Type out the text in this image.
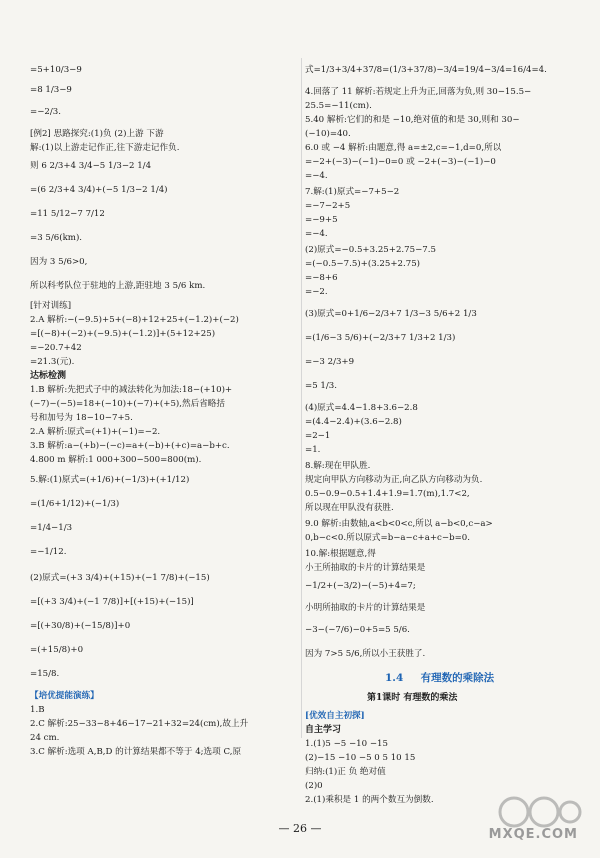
=5+10/3−9
=8 1/3−9
=−2/3.
[例2] 思路探究:(1)负 (2)上游 下游
解:(1)以上游走记作正,往下游走记作负.
则 6 2/3+4 3/4−5 1/3−2 1/4
=(6 2/3+4 3/4)+(−5 1/3−2 1/4)
=11 5/12−7 7/12
=3 5/6(km).
因为 3 5/6>0,
所以科考队位于驻地的上游,距驻地 3 5/6 km.
[针对训练]
2.A 解析:−(−9.5)+5+(−8)+12+25+(−1.2)+(−2)
=[(−8)+(−2)+(−9.5)+(−1.2)]+(5+12+25)
=−20.7+42
=21.3(元).
达标检测
1.B 解析:先把式子中的减法转化为加法:18−(+10)+
(−7)−(−5)=18+(−10)+(−7)+(+5),然后省略括
号和加号为 18−10−7+5.
2.A 解析:原式=(+1)+(−1)=−2.
3.B 解析:a−(+b)−(−c)=a+(−b)+(+c)=a−b+c.
4.800 m 解析:1 000+300−500=800(m).
5.解:(1)原式=(+1/6)+(−1/3)+(+1/12)
=(1/6+1/12)+(−1/3)
=1/4−1/3
=−1/12.
(2)原式=(+3 3/4)+(+15)+(−1 7/8)+(−15)
=[(+3 3/4)+(−1 7/8)]+[(+15)+(−15)]
=[(+30/8)+(−15/8)]+0
=(+15/8)+0
=15/8.
【培优提能演练】
1.B
2.C 解析:25−33−8+46−17−21+32=24(cm),故上升
24 cm.
3.C 解析:选项 A,B,D 的计算结果都不等于 4;选项 C,原
式=1/3+3/4+37/8=(1/3+37/8)−3/4=19/4−3/4=16/4=4.
4.回落了 11 解析:若规定上升为正,回落为负,则 30−15.5−
25.5=−11(cm).
5.40 解析:它们的和是 −10,绝对值的和是 30,则和 30−
(−10)=40.
6.0 或 −4 解析:由题意,得 a=±2,c=−1,d=0,所以
=−2+(−3)−(−1)−0=0 或 −2+(−3)−(−1)−0
=−4.
7.解:(1)原式=−7+5−2
=−7−2+5
=−9+5
=−4.
(2)原式=−0.5+3.25+2.75−7.5
=(−0.5−7.5)+(3.25+2.75)
=−8+6
=−2.
(3)原式=0+1/6−2/3+7 1/3−3 5/6+2 1/3
=(1/6−3 5/6)+(−2/3+7 1/3+2 1/3)
=−3 2/3+9
=5 1/3.
(4)原式=4.4−1.8+3.6−2.8
=(4.4−2.4)+(3.6−2.8)
=2−1
=1.
8.解:现在甲队胜.
规定向甲队方向移动为正,向乙队方向移动为负.
0.5−0.9−0.5+1.4+1.9=1.7(m),1.7<2,
所以现在甲队没有获胜.
9.0 解析:由数轴,a<b<0<c,所以 a−b<0,c−a>
0,b−c<0.所以原式=b−a−c+a+c−b=0.
10.解:根据题意,得
小王所抽取的卡片的计算结果是
−1/2+(−3/2)−(−5)+4=7;
小明所抽取的卡片的计算结果是
−3−(−7/6)−0+5=5 5/6.
因为 7>5 5/6,所以小王获胜了.
1.4 有理数的乘除法
第1课时 有理数的乘法
[优效自主初探]
自主学习
1.(1)5 −5 −10 −15
(2)−15 −10 −5 0 5 10 15
归纳:(1)正 负 绝对值
(2)0
2.(1)乘积是 1 的两个数互为倒数.
— 26 —	MXQE.COM
